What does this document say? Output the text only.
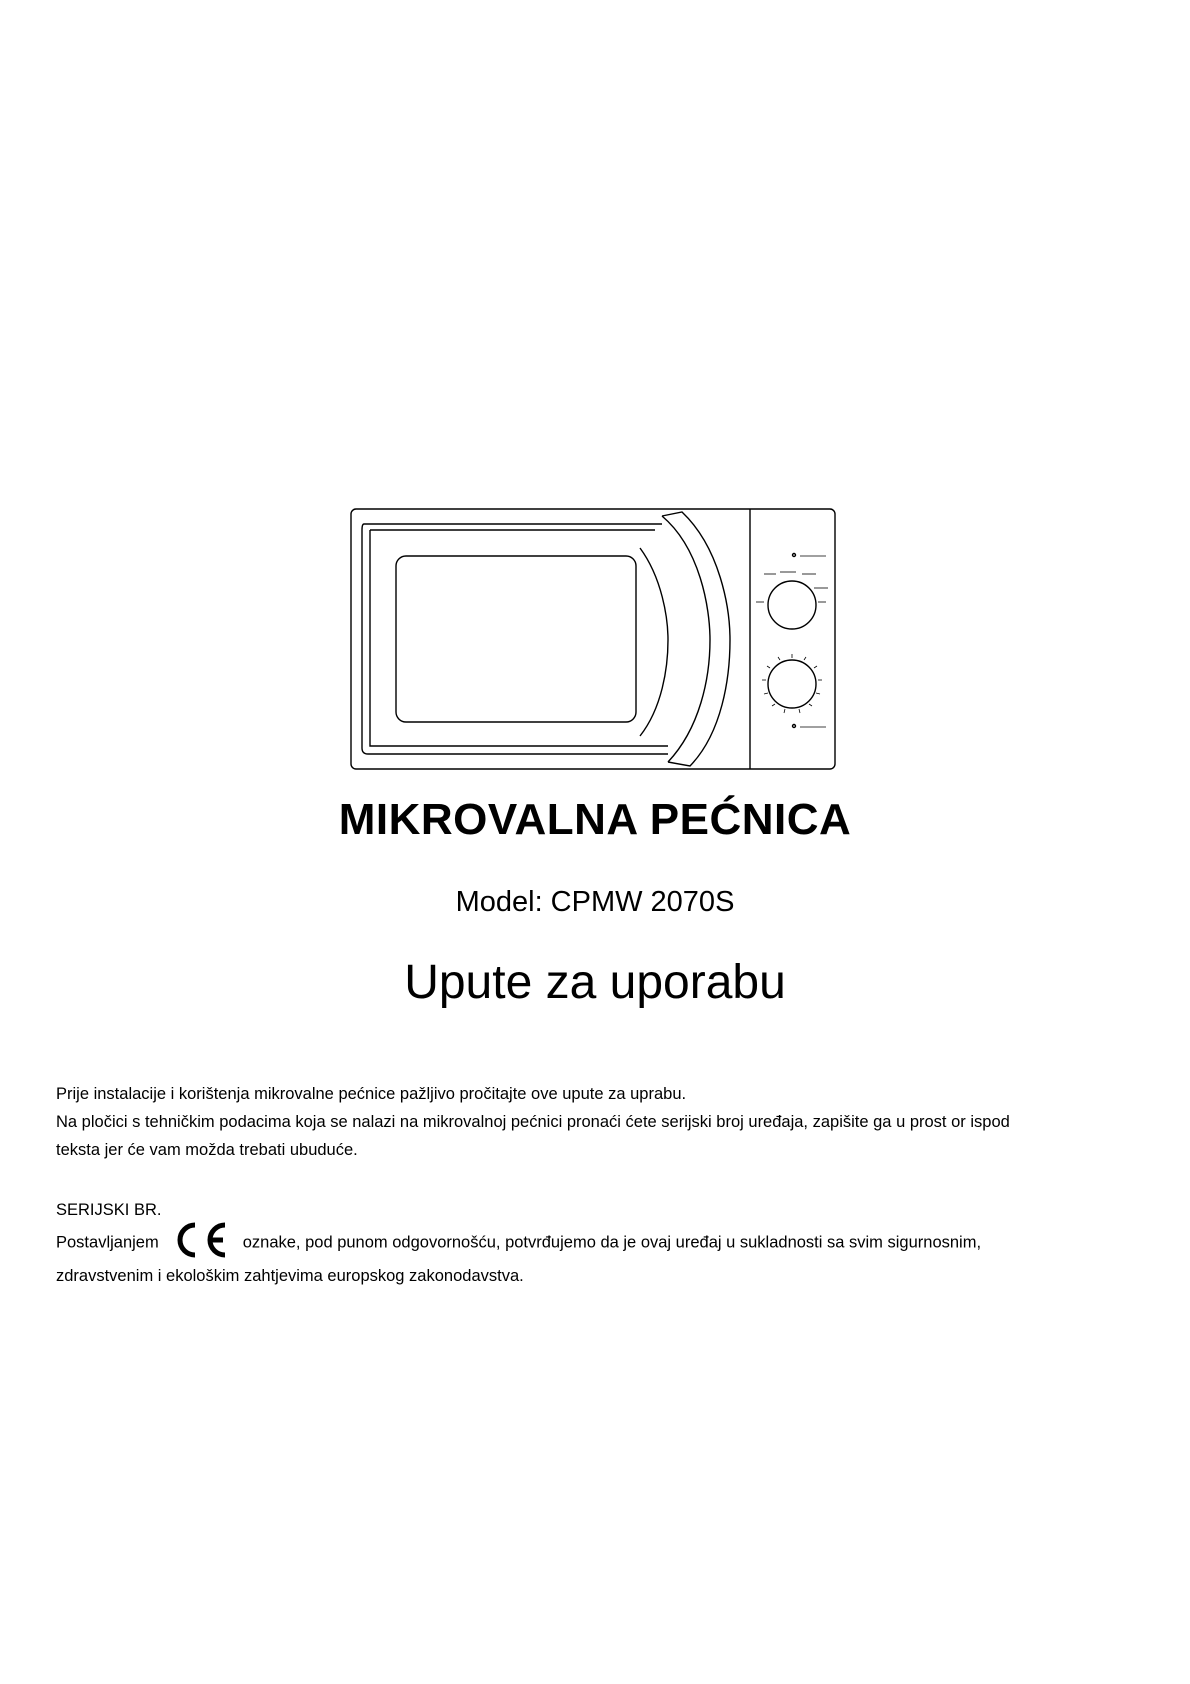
MIKROVALNA PEĆNICA
Model: CPMW 2070S
Upute za uporabu
Prije instalacije i korištenja mikrovalne pećnice pažljivo pročitajte ove upute za uprabu.
Na pločici s tehničkim podacima koja se nalazi na mikrovalnoj pećnici pronaći ćete serijski broj uređaja, zapišite ga u prost or ispod
teksta jer će vam možda trebati ubuduće.
SERIJSKI BR.
Postavljanjem	oznake, pod punom odgovornošću, potvrđujemo da je ovaj uređaj u sukladnosti sa svim sigurnosnim,
zdravstvenim i ekološkim zahtjevima europskog zakonodavstva.
